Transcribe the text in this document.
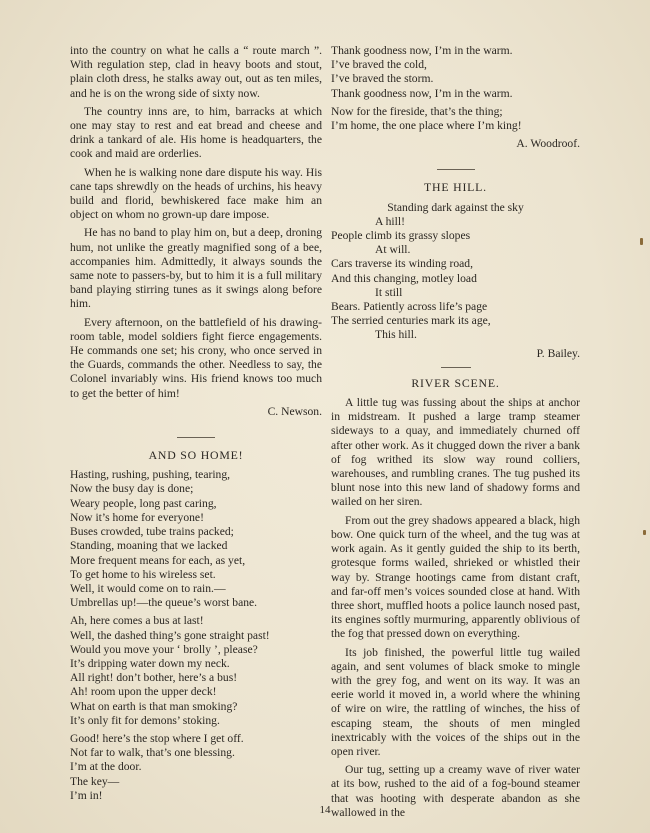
into the country on what he calls a “ route march ”. With regulation step, clad in heavy boots and stout, plain cloth dress, he stalks away out, out as ten miles, and he is on the wrong side of sixty now.

The country inns are, to him, barracks at which one may stay to rest and eat bread and cheese and drink a tankard of ale. His home is headquarters, the cook and maid are orderlies.

When he is walking none dare dispute his way. His cane taps shrewdly on the heads of urchins, his heavy build and florid, bewhiskered face make him an object on whom no grown-up dare impose.

He has no band to play him on, but a deep, droning hum, not unlike the greatly magnified song of a bee, accompanies him. Admittedly, it always sounds the same note to passers-by, but to him it is a full military band playing stirring tunes as it swings along before him.

Every afternoon, on the battlefield of his drawing-room table, model soldiers fight fierce engagements. He commands one set; his crony, who once served in the Guards, commands the other. Needless to say, the Colonel invariably wins. His friend knows too much to get the better of him!

C. Newson.
AND SO HOME!
Hasting, rushing, pushing, tearing,
Now the busy day is done;
Weary people, long past caring,
Now it’s home for everyone!
Buses crowded, tube trains packed;
Standing, moaning that we lacked
More frequent means for each, as yet,
To get home to his wireless set.
Well, it would come on to rain.—
Umbrellas up!—the queue’s worst bane.
Ah, here comes a bus at last!
Well, the dashed thing’s gone straight past!
Would you move your ‘ brolly ’, please?
It’s dripping water down my neck.
All right! don’t bother, here’s a bus!
Ah! room upon the upper deck!
What on earth is that man smoking?
It’s only fit for demons’ stoking.
Good! here’s the stop where I get off.
Not far to walk, that’s one blessing.
I’m at the door.
The key—
I’m in!
Thank goodness now, I’m in the warm.
I’ve braved the cold,
I’ve braved the storm.
Thank goodness now, I’m in the warm.
Now for the fireside, that’s the thing;
I’m home, the one place where I’m king!
A. Woodroof.
THE HILL.
Standing dark against the sky
A hill!
People climb its grassy slopes
At will.
Cars traverse its winding road,
And this changing, motley load
It still
Bears. Patiently across life’s page
The serried centuries mark its age,
This hill.
P. Bailey.
RIVER SCENE.

A little tug was fussing about the ships at anchor in midstream. It pushed a large tramp steamer sideways to a quay, and immediately churned off after other work. As it chugged down the river a bank of fog writhed its slow way round colliers, warehouses, and rumbling cranes. The tug pushed its blunt nose into this new land of shadowy forms and wailed on her siren.

From out the grey shadows appeared a black, high bow. One quick turn of the wheel, and the tug was at work again. As it gently guided the ship to its berth, grotesque forms wailed, shrieked or whistled their way by. Strange hootings came from distant craft, and far-off men’s voices sounded close at hand. With three short, muffled hoots a police launch nosed past, its engines softly murmuring, apparently oblivious of the fog that pressed down on everything.

Its job finished, the powerful little tug wailed again, and sent volumes of black smoke to mingle with the grey fog, and went on its way. It was an eerie world it moved in, a world where the whining of wire on wire, the rattling of winches, the hiss of escaping steam, the shouts of men mingled inextricably with the voices of the ships out in the open river.

Our tug, setting up a creamy wave of river water at its bow, rushed to the aid of a fog-bound steamer that was hooting with desperate abandon as she wallowed in the

14
